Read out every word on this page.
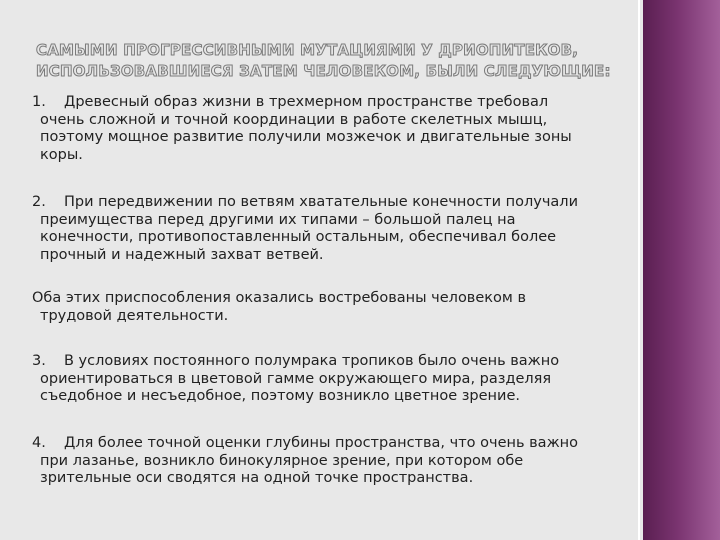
САМЫМИ ПРОГРЕССИВНЫМИ МУТАЦИЯМИ У ДРИОПИТЕКОВ,
ИСПОЛЬЗОВАВШИЕСЯ ЗАТЕМ ЧЕЛОВЕКОМ, БЫЛИ СЛЕДУЮЩИЕ:
1. Древесный образ жизни в трехмерном пространстве требовал
очень сложной и точной координации в работе скелетных мышц,
поэтому мощное развитие получили мозжечок и двигательные зоны
коры.
2. При передвижении по ветвям хватательные конечности получали
преимущества перед другими их типами – большой палец на
конечности, противопоставленный остальным, обеспечивал более
прочный и надежный захват ветвей.
Оба этих приспособления оказались востребованы человеком в
трудовой деятельности.
3. В условиях постоянного полумрака тропиков было очень важно
ориентироваться в цветовой гамме окружающего мира, разделяя
съедобное и несъедобное, поэтому возникло цветное зрение.
4. Для более точной оценки глубины пространства, что очень важно
при лазанье, возникло бинокулярное зрение, при котором обе
зрительные оси сводятся на одной точке пространства.
